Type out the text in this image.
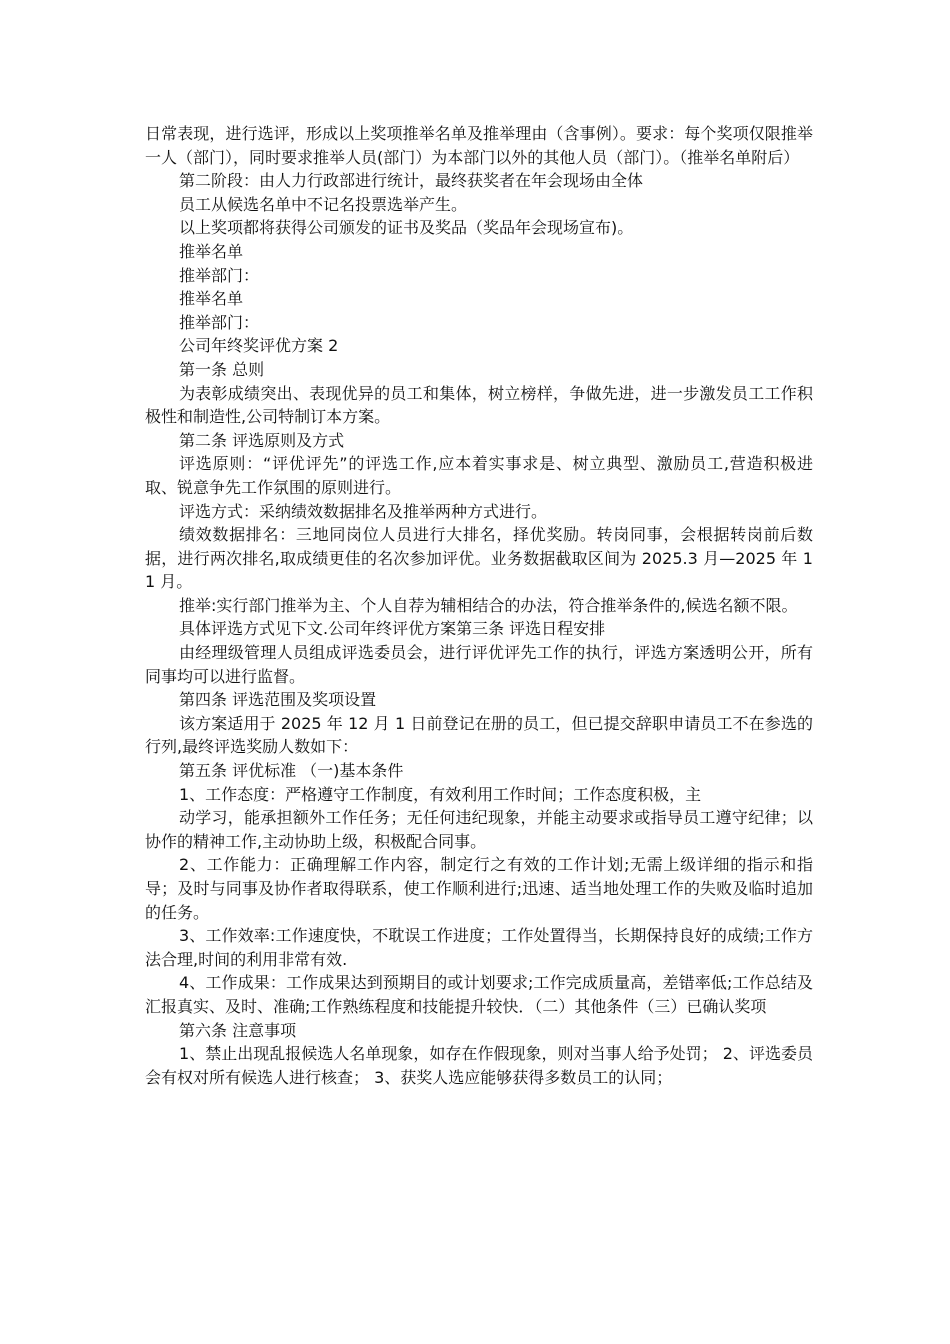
日常表现，进行选评，形成以上奖项推举名单及推举理由（含事例）。要求：每个奖项仅限推举一人（部门），同时要求推举人员(部门）为本部门以外的其他人员（部门）。（推举名单附后）

第二阶段：由人力行政部进行统计，最终获奖者在年会现场由全体

员工从候选名单中不记名投票选举产生。

以上奖项都将获得公司颁发的证书及奖品（奖品年会现场宣布)。

推举名单

推举部门：

推举名单

推举部门：

公司年终奖评优方案 2

第一条 总则

为表彰成绩突出、表现优异的员工和集体，树立榜样，争做先进，进一步激发员工工作积极性和制造性,公司特制订本方案。

第二条 评选原则及方式

评选原则：“评优评先”的评选工作,应本着实事求是、树立典型、激励员工,营造积极进取、锐意争先工作氛围的原则进行。

评选方式：采纳绩效数据排名及推举两种方式进行。

绩效数据排名：三地同岗位人员进行大排名，择优奖励。转岗同事，会根据转岗前后数据，进行两次排名,取成绩更佳的名次参加评优。业务数据截取区间为 2025.3 月—2025 年 11 月。

推举:实行部门推举为主、个人自荐为辅相结合的办法，符合推举条件的,候选名额不限。

具体评选方式见下文.公司年终评优方案第三条 评选日程安排

由经理级管理人员组成评选委员会，进行评优评先工作的执行，评选方案透明公开，所有同事均可以进行监督。

第四条 评选范围及奖项设置

该方案适用于 2025 年 12 月 1 日前登记在册的员工，但已提交辞职申请员工不在参选的行列,最终评选奖励人数如下：

第五条 评优标准 （一)基本条件

1、工作态度：严格遵守工作制度，有效利用工作时间；工作态度积极，主

动学习，能承担额外工作任务；无任何违纪现象，并能主动要求或指导员工遵守纪律；以协作的精神工作,主动协助上级，积极配合同事。

2、工作能力：正确理解工作内容，制定行之有效的工作计划;无需上级详细的指示和指导；及时与同事及协作者取得联系，使工作顺利进行;迅速、适当地处理工作的失败及临时追加的任务。

3、工作效率:工作速度快，不耽误工作进度；工作处置得当，长期保持良好的成绩;工作方法合理,时间的利用非常有效.

4、工作成果：工作成果达到预期目的或计划要求;工作完成质量高，差错率低;工作总结及汇报真实、及时、准确;工作熟练程度和技能提升较快．（二）其他条件（三）已确认奖项

第六条 注意事项

1、禁止出现乱报候选人名单现象，如存在作假现象，则对当事人给予处罚； 2、评选委员会有权对所有候选人进行核查； 3、获奖人选应能够获得多数员工的认同；
